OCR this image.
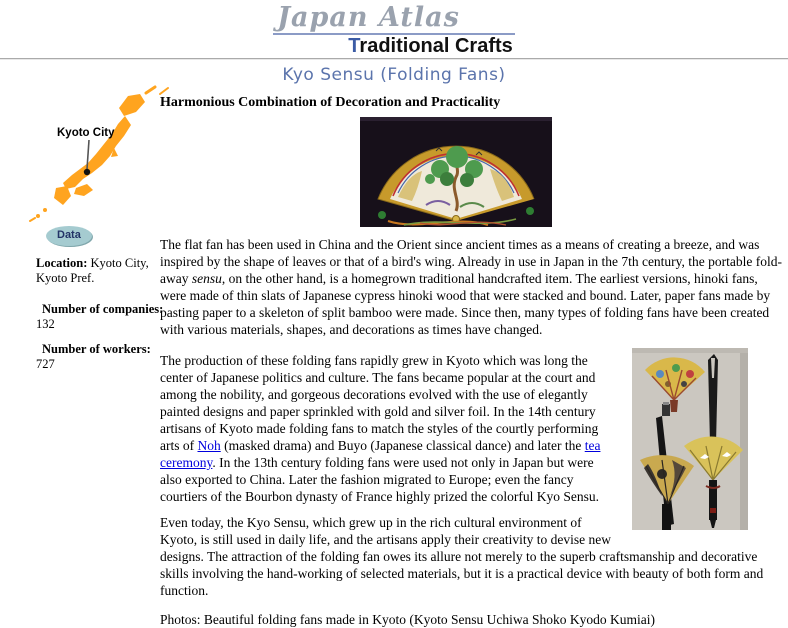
Japan Atlas
Traditional Crafts
Kyo Sensu (Folding Fans)
Kyoto City
Data

Location: Kyoto City, Kyoto Pref.

Number of companies:
132

Number of workers:
727

Harmonious Combination of Decoration and Practicality

The flat fan has been used in China and the Orient since ancient times as a means of creating a breeze, and was inspired by the shape of leaves or that of a bird's wing. Already in use in Japan in the 7th century, the portable fold-away sensu, on the other hand, is a homegrown traditional handcrafted item. The earliest versions, hinoki fans, were made of thin slats of Japanese cypress hinoki wood that were stacked and bound. Later, paper fans made by pasting paper to a skeleton of split bamboo were made. Since then, many types of folding fans have been created with various materials, shapes, and decorations as times have changed.

The production of these folding fans rapidly grew in Kyoto which was long the center of Japanese politics and culture. The fans became popular at the court and among the nobility, and gorgeous decorations evolved with the use of elegantly painted designs and paper sprinkled with gold and silver foil. In the 14th century artisans of Kyoto made folding fans to match the styles of the courtly performing arts of Noh (masked drama) and Buyo (Japanese classical dance) and later the tea ceremony. In the 13th century folding fans were used not only in Japan but were also exported to China. Later the fashion migrated to Europe; even the fancy courtiers of the Bourbon dynasty of France highly prized the colorful Kyo Sensu.

Even today, the Kyo Sensu, which grew up in the rich cultural environment of Kyoto, is still used in daily life, and the artisans apply their creativity to devise new designs. The attraction of the folding fan owes its allure not merely to the superb craftsmanship and decorative skills involving the hand-working of selected materials, but it is a practical device with beauty of both form and function.

Photos: Beautiful folding fans made in Kyoto (Kyoto Sensu Uchiwa Shoko Kyodo Kumiai)
